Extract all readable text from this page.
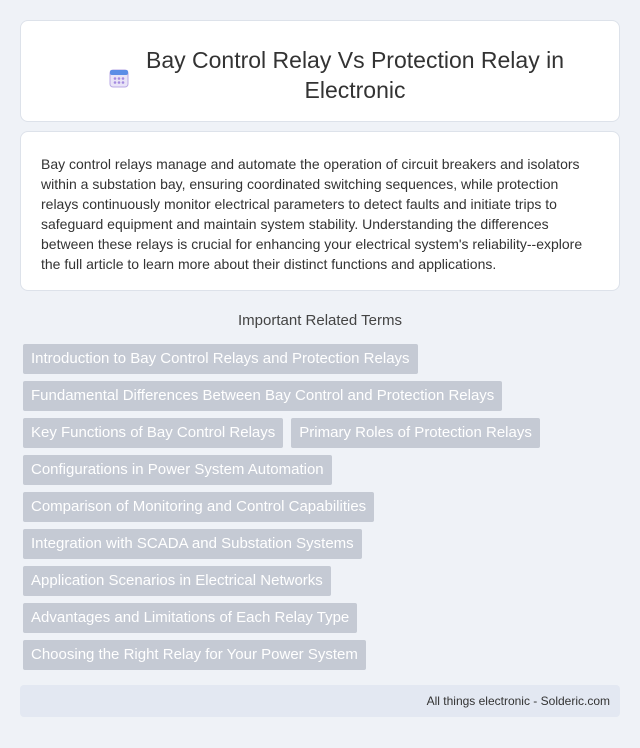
Bay Control Relay Vs Protection Relay in Electronic

Bay control relays manage and automate the operation of circuit breakers and isolators within a substation bay, ensuring coordinated switching sequences, while protection relays continuously monitor electrical parameters to detect faults and initiate trips to safeguard equipment and maintain system stability. Understanding the differences between these relays is crucial for enhancing your electrical system's reliability--explore the full article to learn more about their distinct functions and applications.

Important Related Terms
Introduction to Bay Control Relays and Protection Relays
Fundamental Differences Between Bay Control and Protection Relays
Key Functions of Bay Control Relays	Primary Roles of Protection Relays
Configurations in Power System Automation
Comparison of Monitoring and Control Capabilities
Integration with SCADA and Substation Systems
Application Scenarios in Electrical Networks
Advantages and Limitations of Each Relay Type
Choosing the Right Relay for Your Power System
All things electronic - Solderic.com
